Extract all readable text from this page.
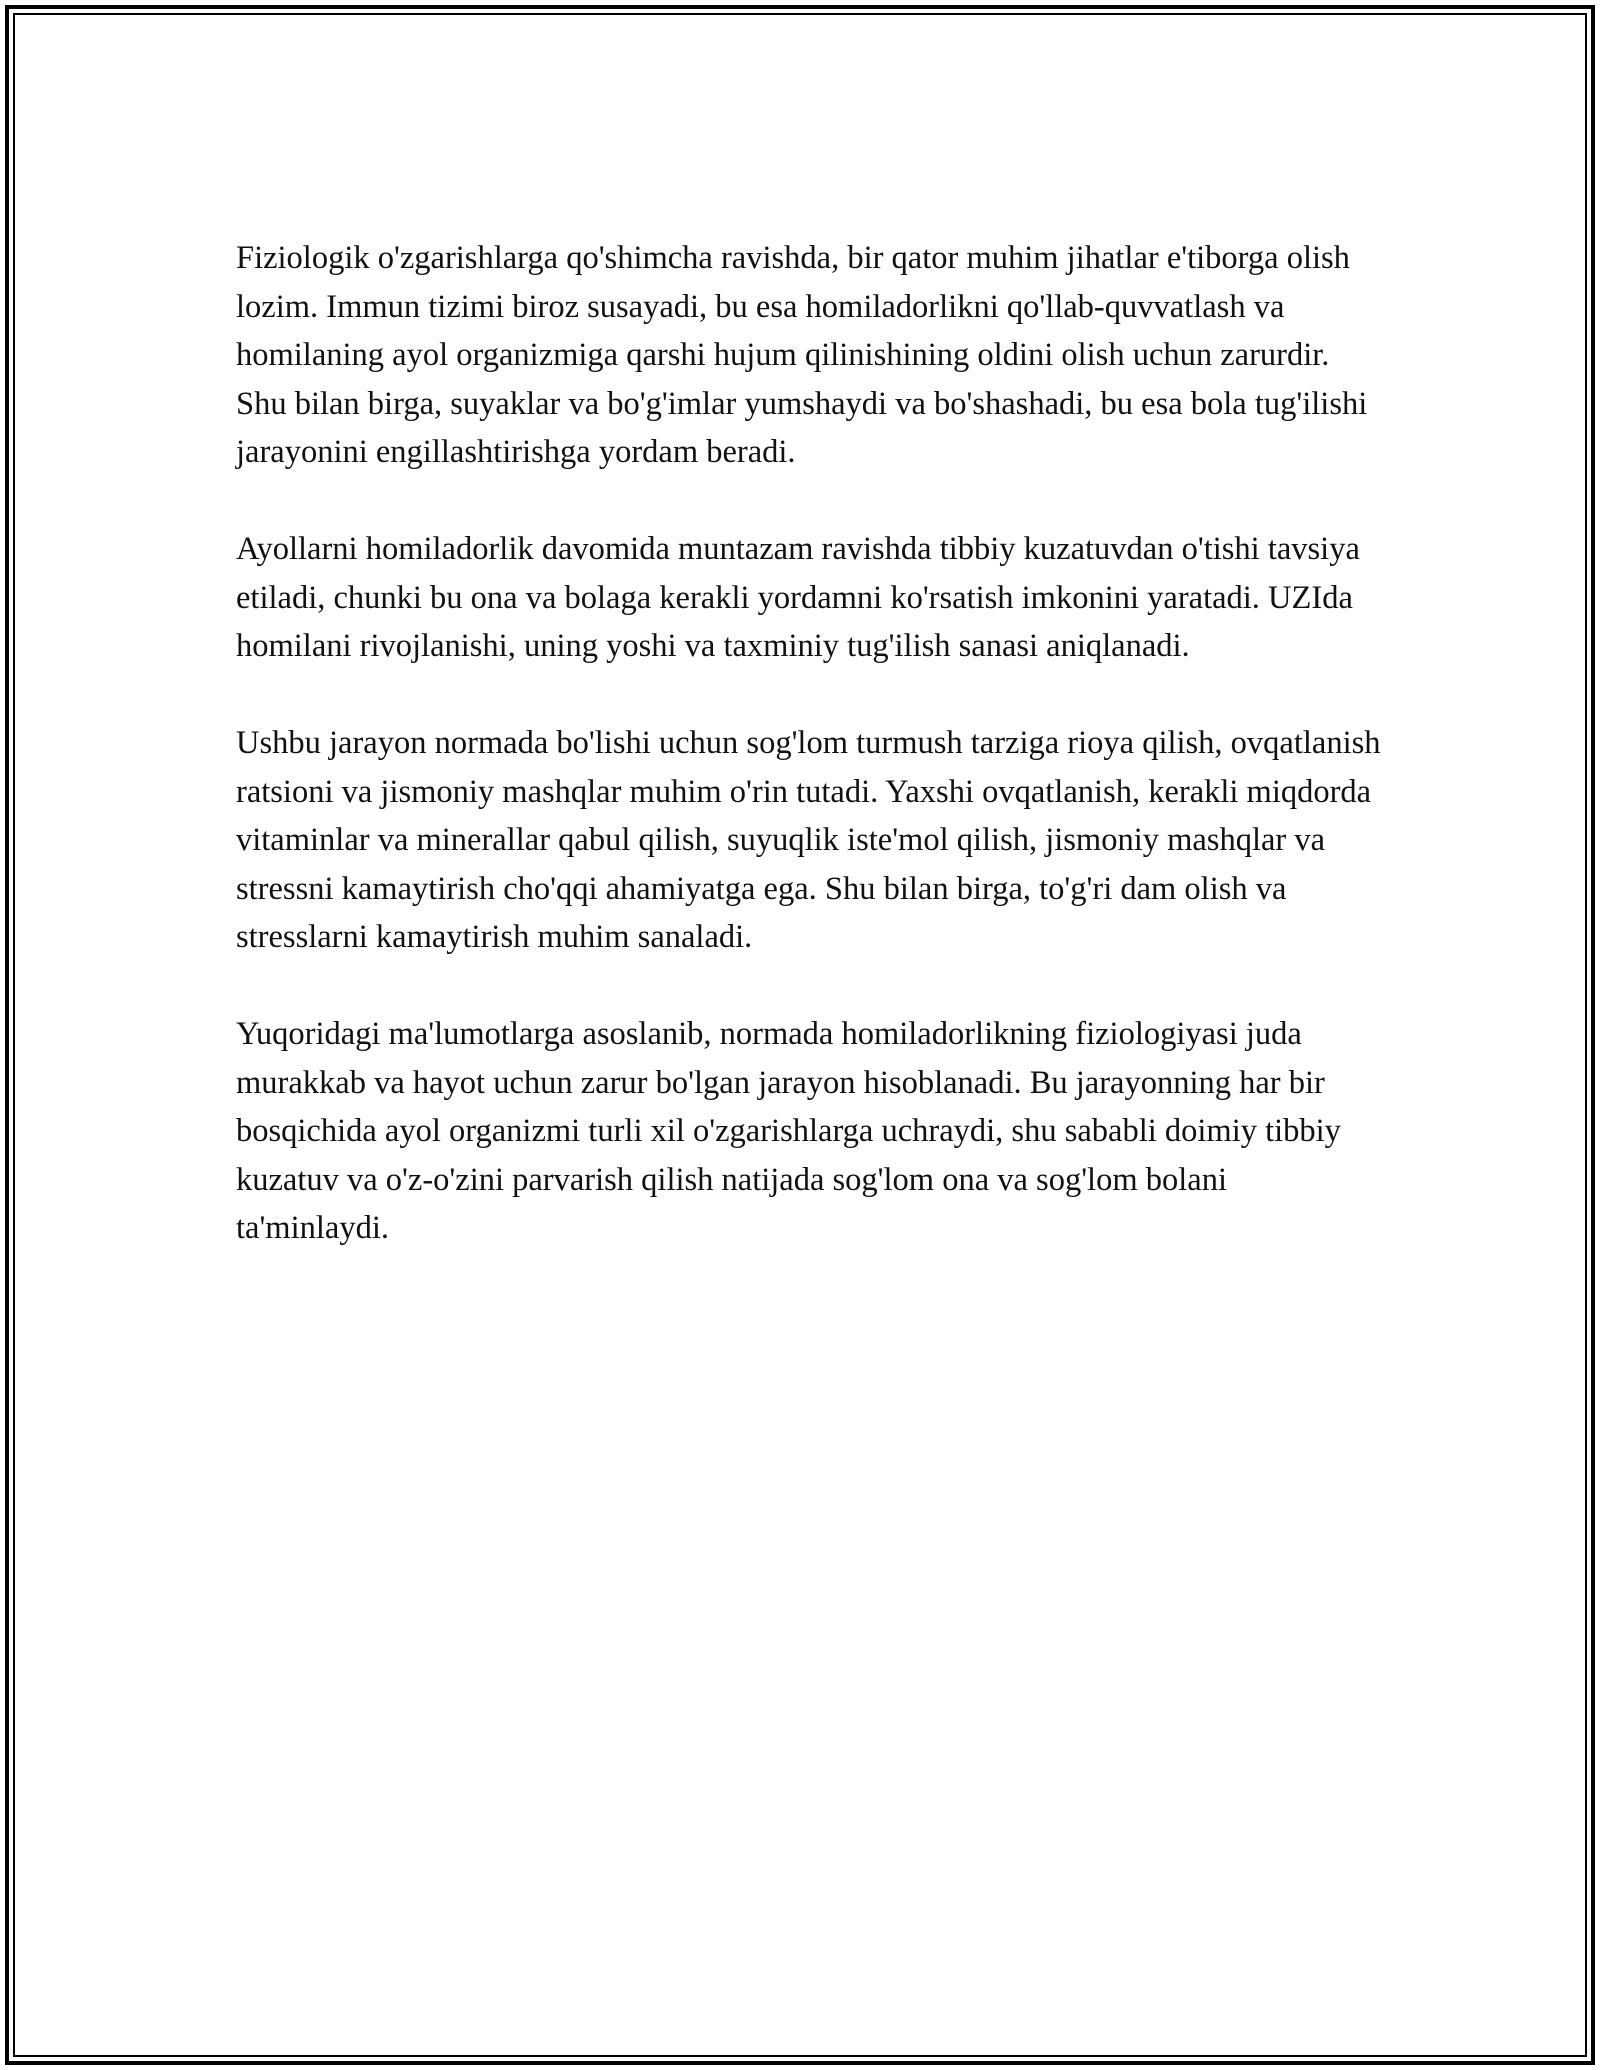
Fiziologik o'zgarishlarga qo'shimcha ravishda, bir qator muhim jihatlar e'tiborga olish lozim. Immun tizimi biroz susayadi, bu esa homiladorlikni qo'llab-quvvatlash va homilaning ayol organizmiga qarshi hujum qilinishining oldini olish uchun zarurdir. Shu bilan birga, suyaklar va bo'g'imlar yumshaydi va bo'shashadi, bu esa bola tug'ilishi jarayonini engillashtirishga yordam beradi.

Ayollarni homiladorlik davomida muntazam ravishda tibbiy kuzatuvdan o'tishi tavsiya etiladi, chunki bu ona va bolaga kerakli yordamni ko'rsatish imkonini yaratadi. UZIda homilani rivojlanishi, uning yoshi va taxminiy tug'ilish sanasi aniqlanadi.

Ushbu jarayon normada bo'lishi uchun sog'lom turmush tarziga rioya qilish, ovqatlanish ratsioni va jismoniy mashqlar muhim o'rin tutadi. Yaxshi ovqatlanish, kerakli miqdorda vitaminlar va minerallar qabul qilish, suyuqlik iste'mol qilish, jismoniy mashqlar va stressni kamaytirish cho'qqi ahamiyatga ega. Shu bilan birga, to'g'ri dam olish va stresslarni kamaytirish muhim sanaladi.

Yuqoridagi ma'lumotlarga asoslanib, normada homiladorlikning fiziologiyasi juda murakkab va hayot uchun zarur bo'lgan jarayon hisoblanadi. Bu jarayonning har bir bosqichida ayol organizmi turli xil o'zgarishlarga uchraydi, shu sababli doimiy tibbiy kuzatuv va o'z-o'zini parvarish qilish natijada sog'lom ona va sog'lom bolani ta'minlaydi.
